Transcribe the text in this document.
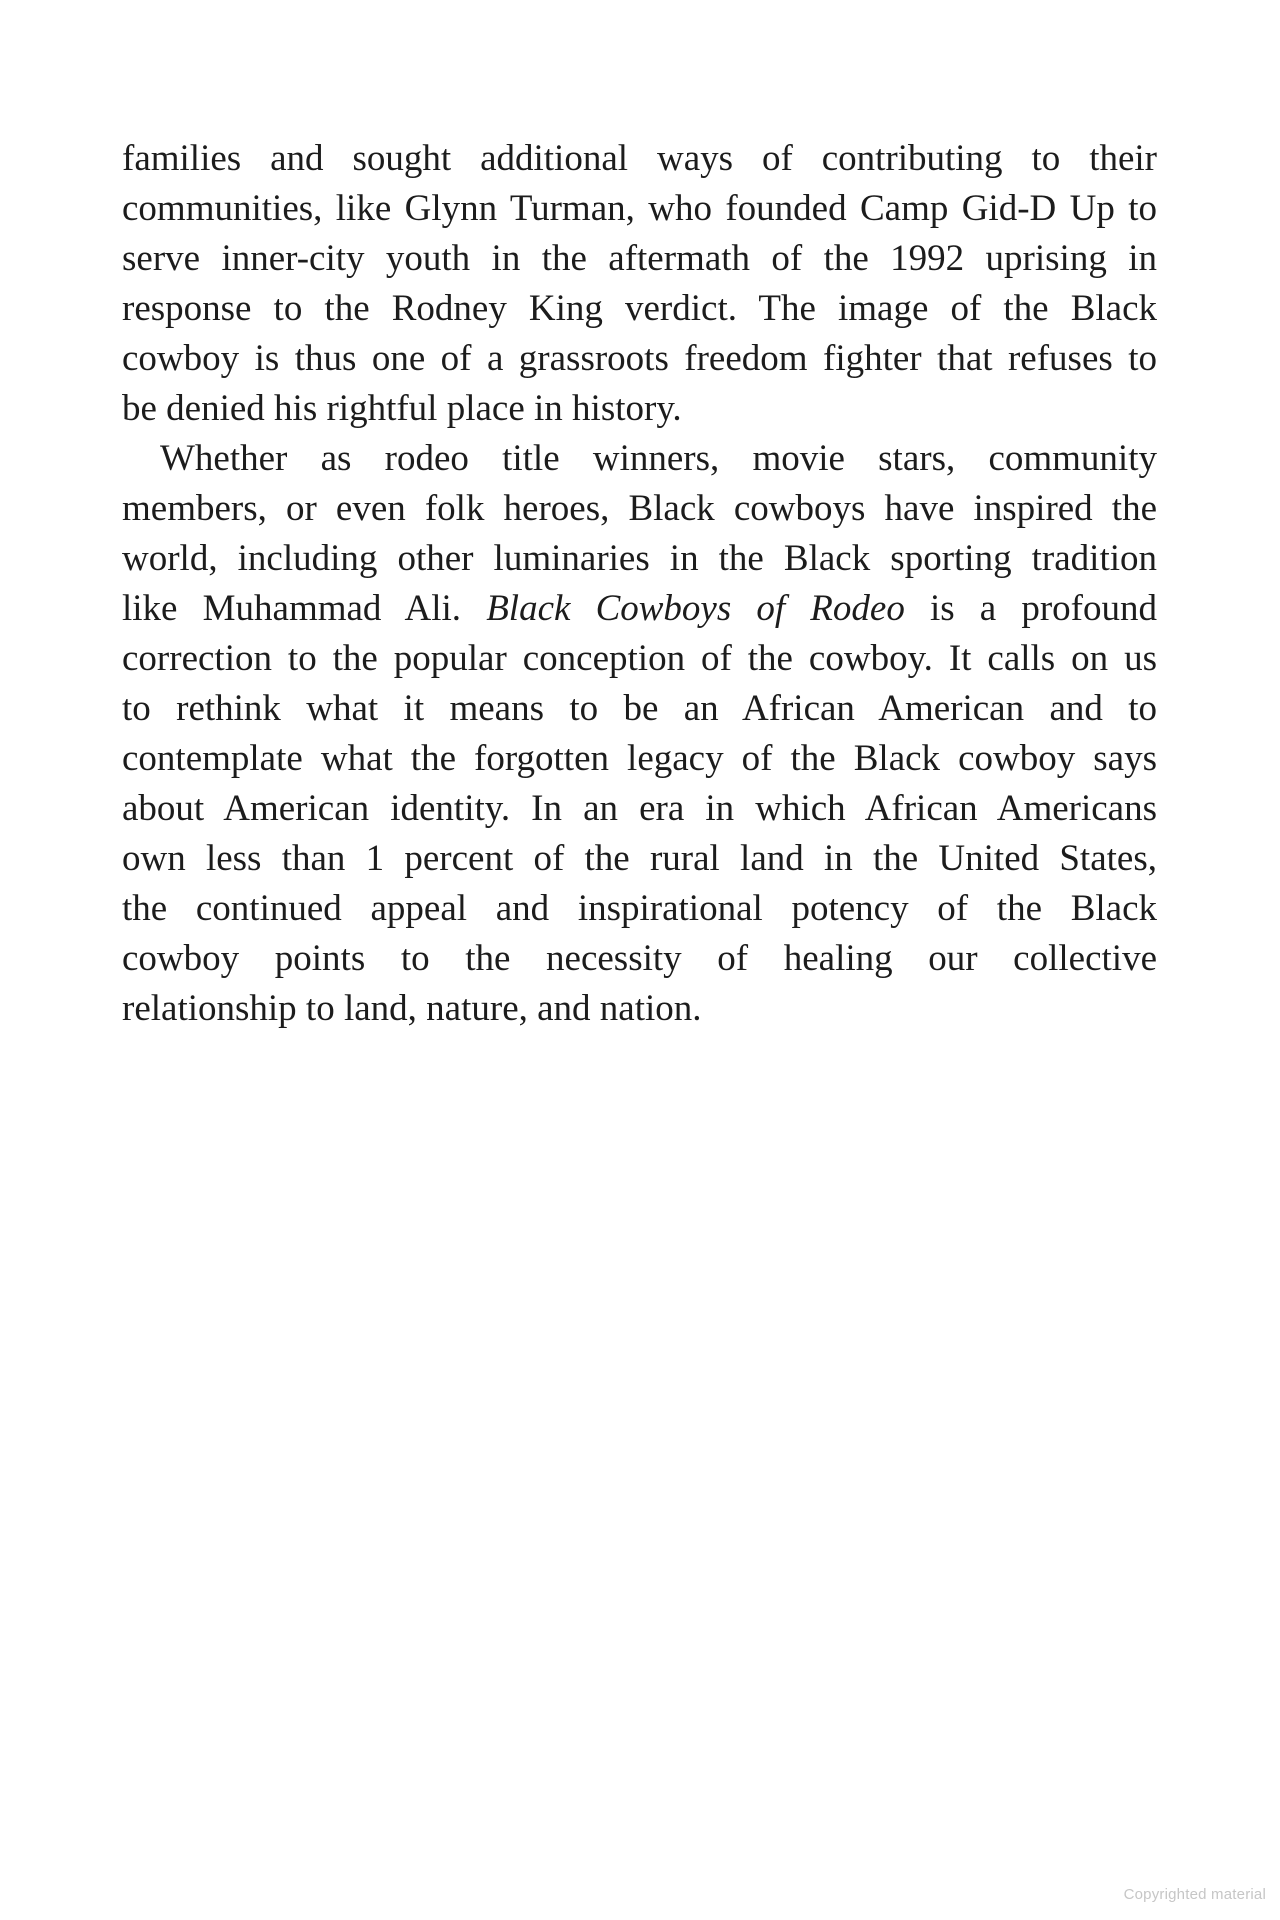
families and sought additional ways of contributing to their
communities, like Glynn Turman, who founded Camp Gid-D Up to
serve inner-city youth in the aftermath of the 1992 uprising in
response to the Rodney King verdict. The image of the Black
cowboy is thus one of a grassroots freedom fighter that refuses to
be denied his rightful place in history.
Whether as rodeo title winners, movie stars, community
members, or even folk heroes, Black cowboys have inspired the
world, including other luminaries in the Black sporting tradition
like Muhammad Ali. Black Cowboys of Rodeo is a profound
correction to the popular conception of the cowboy. It calls on us
to rethink what it means to be an African American and to
contemplate what the forgotten legacy of the Black cowboy says
about American identity. In an era in which African Americans
own less than 1 percent of the rural land in the United States,
the continued appeal and inspirational potency of the Black
cowboy points to the necessity of healing our collective
relationship to land, nature, and nation.
Copyrighted material
